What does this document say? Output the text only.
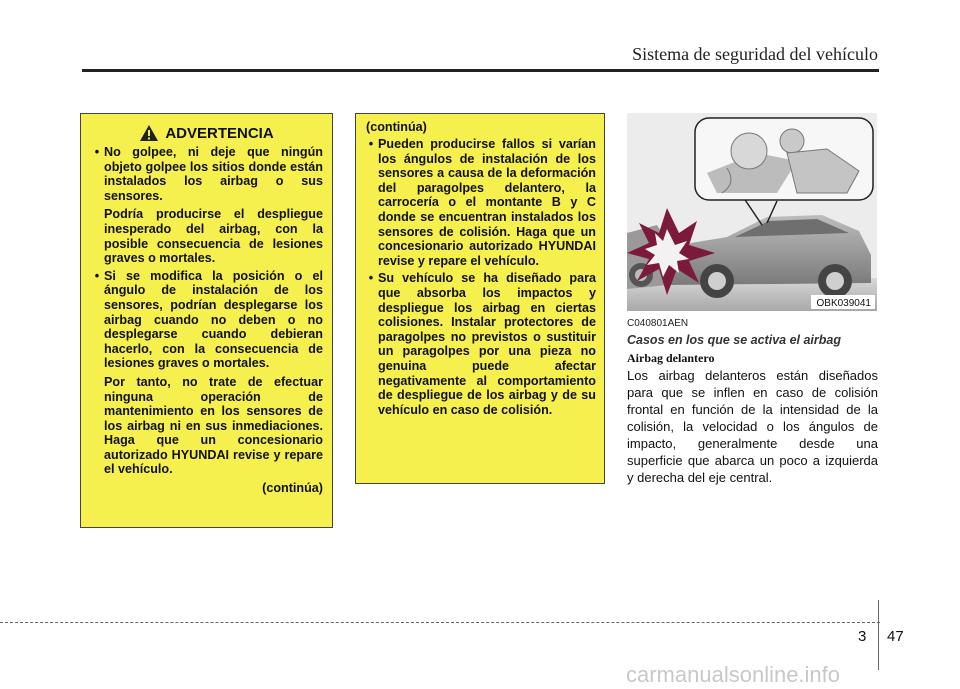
Sistema de seguridad del vehículo
ADVERTENCIA
• No golpee, ni deje que ningún objeto golpee los sitios donde están instalados los airbag o sus sensores.
Podría producirse el despliegue inesperado del airbag, con la posible consecuencia de lesiones graves o mortales.
• Si se modifica la posición o el ángulo de instalación de los sensores, podrían desplegarse los airbag cuando no deben o no desplegarse cuando debieran hacerlo, con la consecuencia de lesiones graves o mortales.
Por tanto, no trate de efectuar ninguna operación de mantenimiento en los sensores de los airbag ni en sus inmediaciones. Haga que un concesionario autorizado HYUNDAI revise y repare el vehículo.
(continúa)
(continúa)
• Pueden producirse fallos si varían los ángulos de instalación de los sensores a causa de la deformación del paragolpes delantero, la carrocería o el montante B y C donde se encuentran instalados los sensores de colisión. Haga que un concesionario autorizado HYUNDAI revise y repare el vehículo.
• Su vehículo se ha diseñado para que absorba los impactos y despliegue los airbag en ciertas colisiones. Instalar protectores de paragolpes no previstos o sustituir un paragolpes por una pieza no genuina puede afectar negativamente al comportamiento de despliegue de los airbag y de su vehículo en caso de colisión.
OBK039041
C040801AEN
Casos en los que se activa el airbag
Airbag delantero
Los airbag delanteros están diseñados para que se inflen en caso de colisión frontal en función de la intensidad de la colisión, la velocidad o los ángulos de impacto, generalmente desde una superficie que abarca un poco a izquierda y derecha del eje central.
3 47
carmanualsonline.info
